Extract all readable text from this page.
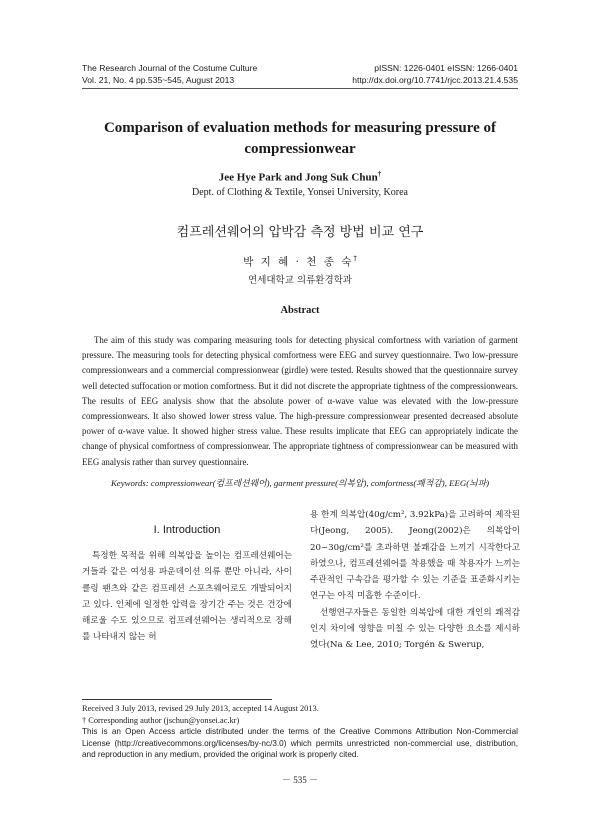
The Research Journal of the Costume Culture
Vol. 21, No. 4 pp.535~545, August 2013
pISSN: 1226-0401 eISSN: 1266-0401
http://dx.doi.org/10.7741/rjcc.2013.21.4.535
Comparison of evaluation methods for measuring pressure of compressionwear
Jee Hye Park and Jong Suk Chun†
Dept. of Clothing & Textile, Yonsei University, Korea
컴프레션웨어의 압박감 측정 방법 비교 연구
박 지 혜 · 천 종 숙†
연세대학교 의류환경학과
Abstract

The aim of this study was comparing measuring tools for detecting physical comfortness with variation of garment pressure. The measuring tools for detecting physical comfortness were EEG and survey questionnaire. Two low-pressure compressionwears and a commercial compressionwear (girdle) were tested. Results showed that the questionnaire survey well detected suffocation or motion comfortness. But it did not discrete the appropriate tightness of the compressionwears. The results of EEG analysis show that the absolute power of α-wave value was elevated with the low-pressure compressionwears. It also showed lower stress value. The high-pressure compressionwear presented decreased absolute power of α-wave value. It showed higher stress value. These results implicate that EEG can appropriately indicate the change of physical comfortness of compressionwear. The appropriate tightness of compressionwear can be measured with EEG analysis rather than survey questionnaire.

Keywords: compressionwear(컴프레션웨어), garment pressure(의복압), comfortness(쾌적감), EEG(뇌파)
I. Introduction

특정한 목적을 위해 의복압을 높이는 컴프레션웨어는 거들과 같은 여성용 파운데이션 의류 뿐만 아니라, 사이클링 팬츠와 같은 컴프레션 스포츠웨어로도 개발되어지고 있다. 인체에 일정한 압력을 장기간 주는 것은 건강에 해로울 수도 있으므로 컴프레션웨어는 생리적으로 장해를 나타내지 않는 허

용 한계 의복압(40g/cm², 3.92kPa)을 고려하여 제작된다(Jeong, 2005). Jeong(2002)은 의복압이 20~30g/cm²를 초과하면 불쾌감을 느끼기 시작한다고 하였으나, 컴프레션웨어를 착용했을 때 착용자가 느끼는 주관적인 구속감을 평가할 수 있는 기준을 표준화시키는 연구는 아직 미흡한 수준이다.

선행연구자들은 동일한 의복압에 대한 개인의 쾌적감 인지 차이에 영향을 미칠 수 있는 다양한 요소를 제시하였다(Na & Lee, 2010; Torgén & Swerup,

Received 3 July 2013, revised 29 July 2013, accepted 14 August 2013.

† Corresponding author (jschun@yonsei.ac.kr)

This is an Open Access article distributed under the terms of the Creative Commons Attribution Non-Commercial License (http://creativecommons.org/licenses/by-nc/3.0) which permits unrestricted non-commercial use, distribution, and reproduction in any medium, provided the original work is properly cited.

－ 535 －
